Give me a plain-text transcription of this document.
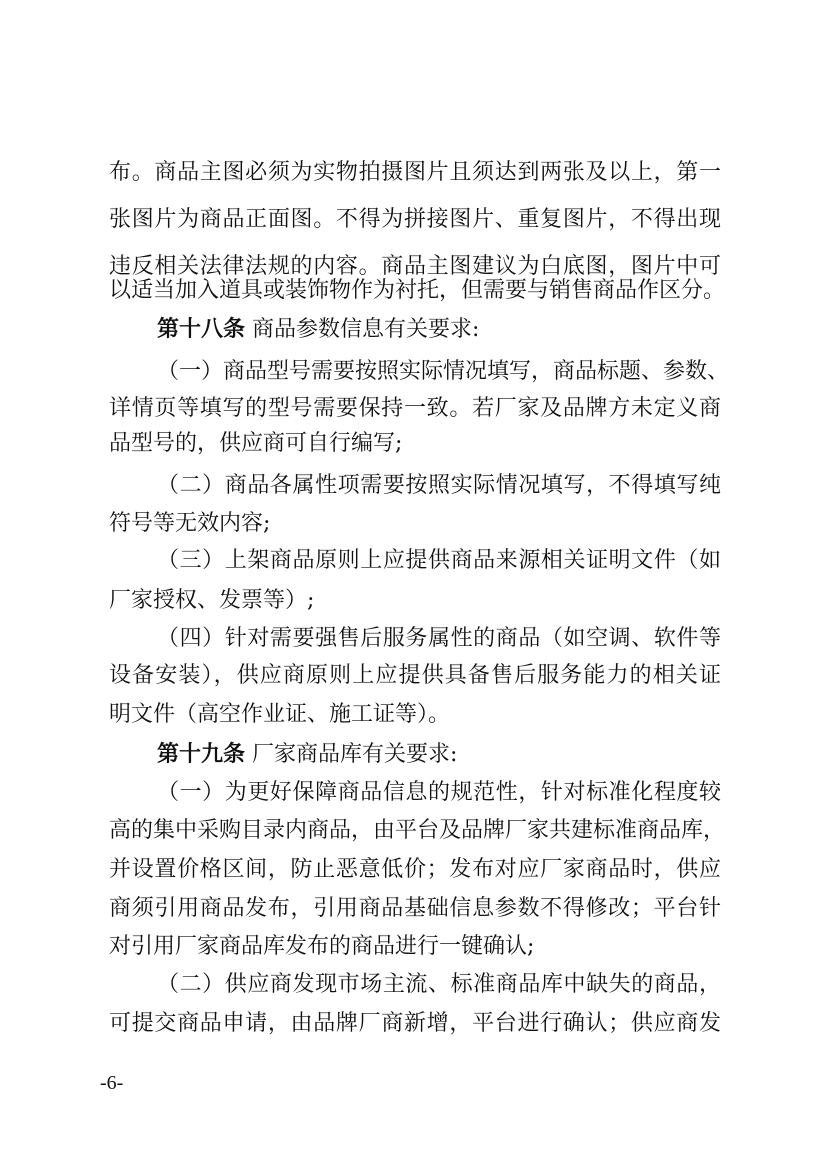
布。商品主图必须为实物拍摄图片且须达到两张及以上，第一
张图片为商品正面图。不得为拼接图片、重复图片，不得出现
违反相关法律法规的内容。商品主图建议为白底图，图片中可
以适当加入道具或装饰物作为衬托，但需要与销售商品作区分。
第十八条 商品参数信息有关要求:
（一）商品型号需要按照实际情况填写，商品标题、参数、
详情页等填写的型号需要保持一致。若厂家及品牌方未定义商
品型号的，供应商可自行编写;
（二）商品各属性项需要按照实际情况填写，不得填写纯
符号等无效内容;
（三）上架商品原则上应提供商品来源相关证明文件（如
厂家授权、发票等）;
（四）针对需要强售后服务属性的商品（如空调、软件等
设备安装），供应商原则上应提供具备售后服务能力的相关证
明文件（高空作业证、施工证等）。
第十九条 厂家商品库有关要求:
（一）为更好保障商品信息的规范性，针对标准化程度较
高的集中采购目录内商品，由平台及品牌厂家共建标准商品库，
并设置价格区间，防止恶意低价；发布对应厂家商品时，供应
商须引用商品发布，引用商品基础信息参数不得修改；平台针
对引用厂家商品库发布的商品进行一键确认;
（二）供应商发现市场主流、标准商品库中缺失的商品，
可提交商品申请，由品牌厂商新增，平台进行确认；供应商发
-6-
